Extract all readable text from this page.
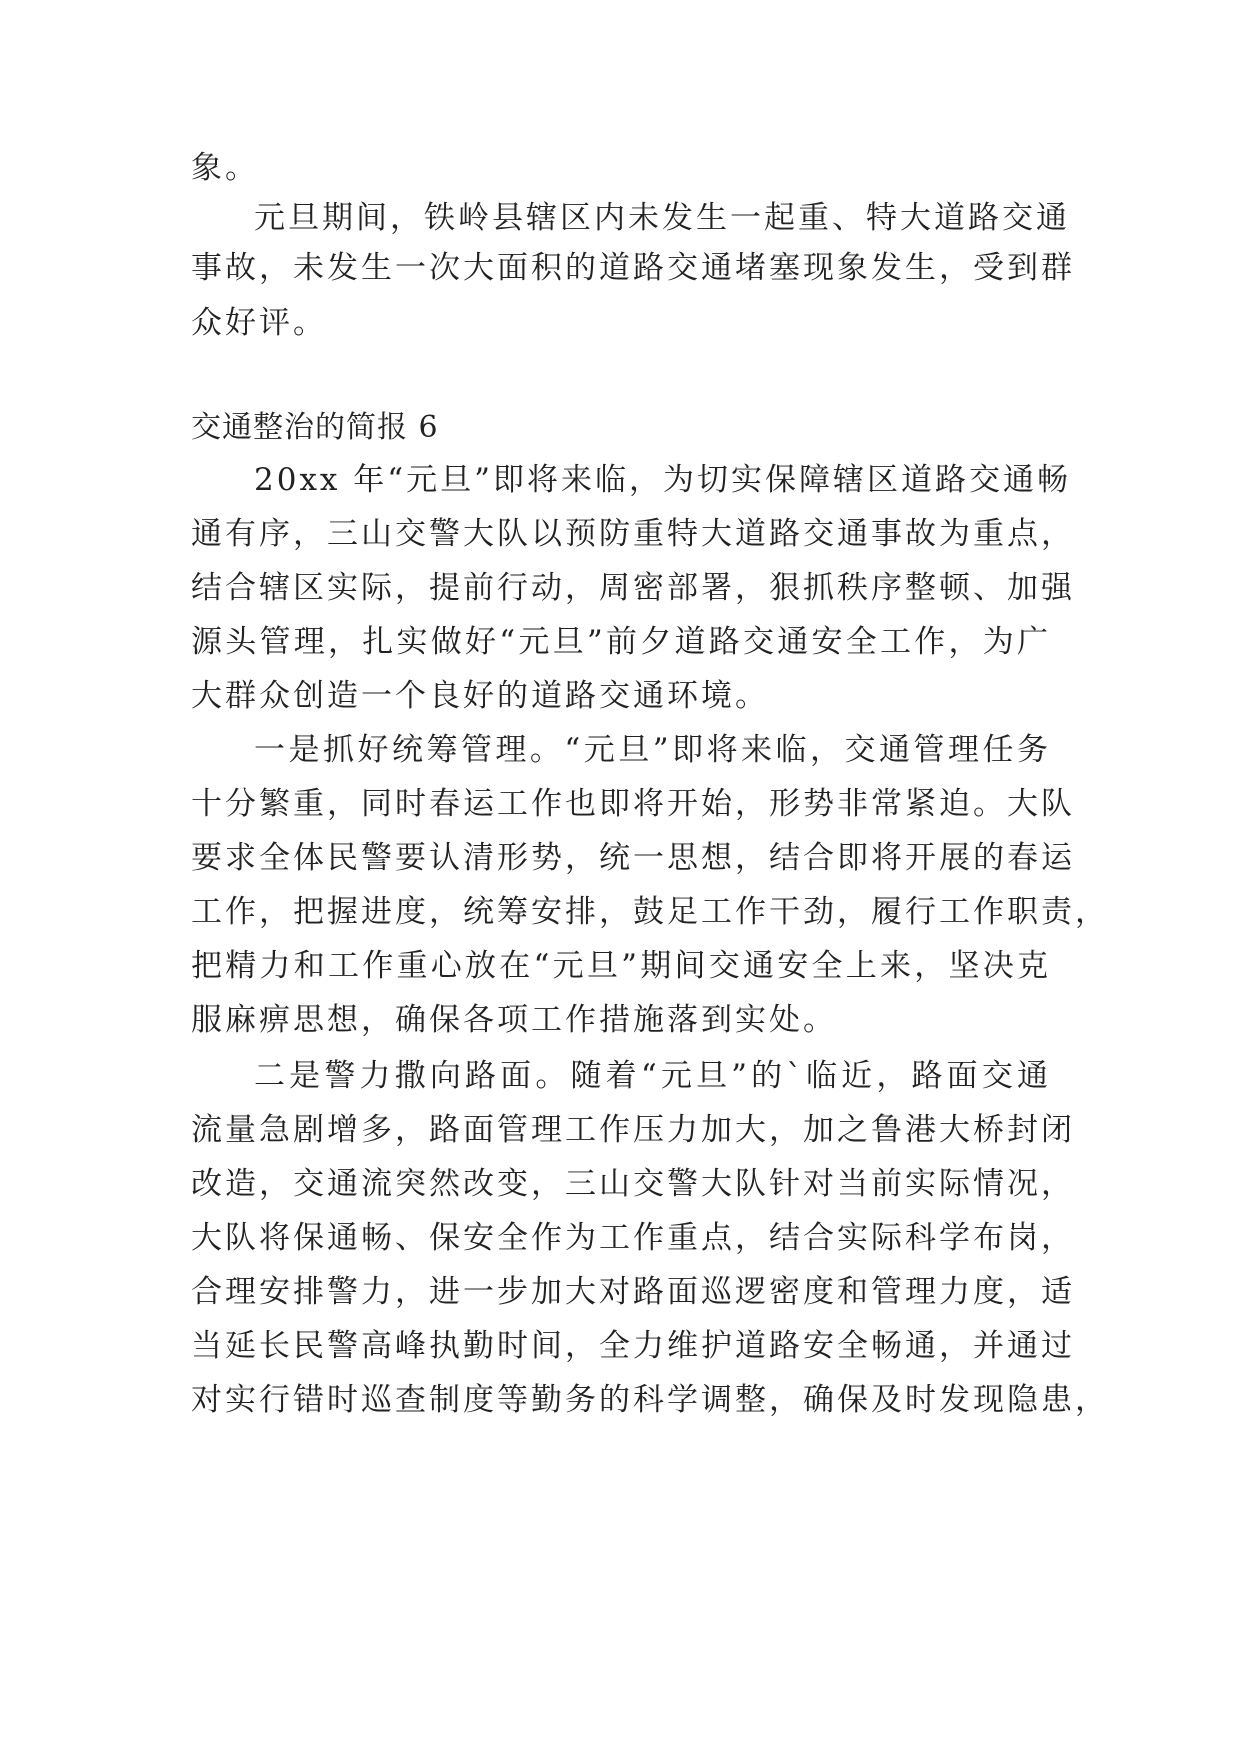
象。
元旦期间，铁岭县辖区内未发生一起重、特大道路交通
事故，未发生一次大面积的道路交通堵塞现象发生，受到群
众好评。
交通整治的简报 6
20xx 年“元旦”即将来临，为切实保障辖区道路交通畅
通有序，三山交警大队以预防重特大道路交通事故为重点，
结合辖区实际，提前行动，周密部署，狠抓秩序整顿、加强
源头管理，扎实做好“元旦”前夕道路交通安全工作，为广
大群众创造一个良好的道路交通环境。
一是抓好统筹管理。“元旦”即将来临，交通管理任务
十分繁重，同时春运工作也即将开始，形势非常紧迫。大队
要求全体民警要认清形势，统一思想，结合即将开展的春运
工作，把握进度，统筹安排，鼓足工作干劲，履行工作职责，
把精力和工作重心放在“元旦”期间交通安全上来，坚决克
服麻痹思想，确保各项工作措施落到实处。
二是警力撒向路面。随着“元旦”的`临近，路面交通
流量急剧增多，路面管理工作压力加大，加之鲁港大桥封闭
改造，交通流突然改变，三山交警大队针对当前实际情况，
大队将保通畅、保安全作为工作重点，结合实际科学布岗，
合理安排警力，进一步加大对路面巡逻密度和管理力度，适
当延长民警高峰执勤时间，全力维护道路安全畅通，并通过
对实行错时巡查制度等勤务的科学调整，确保及时发现隐患，
